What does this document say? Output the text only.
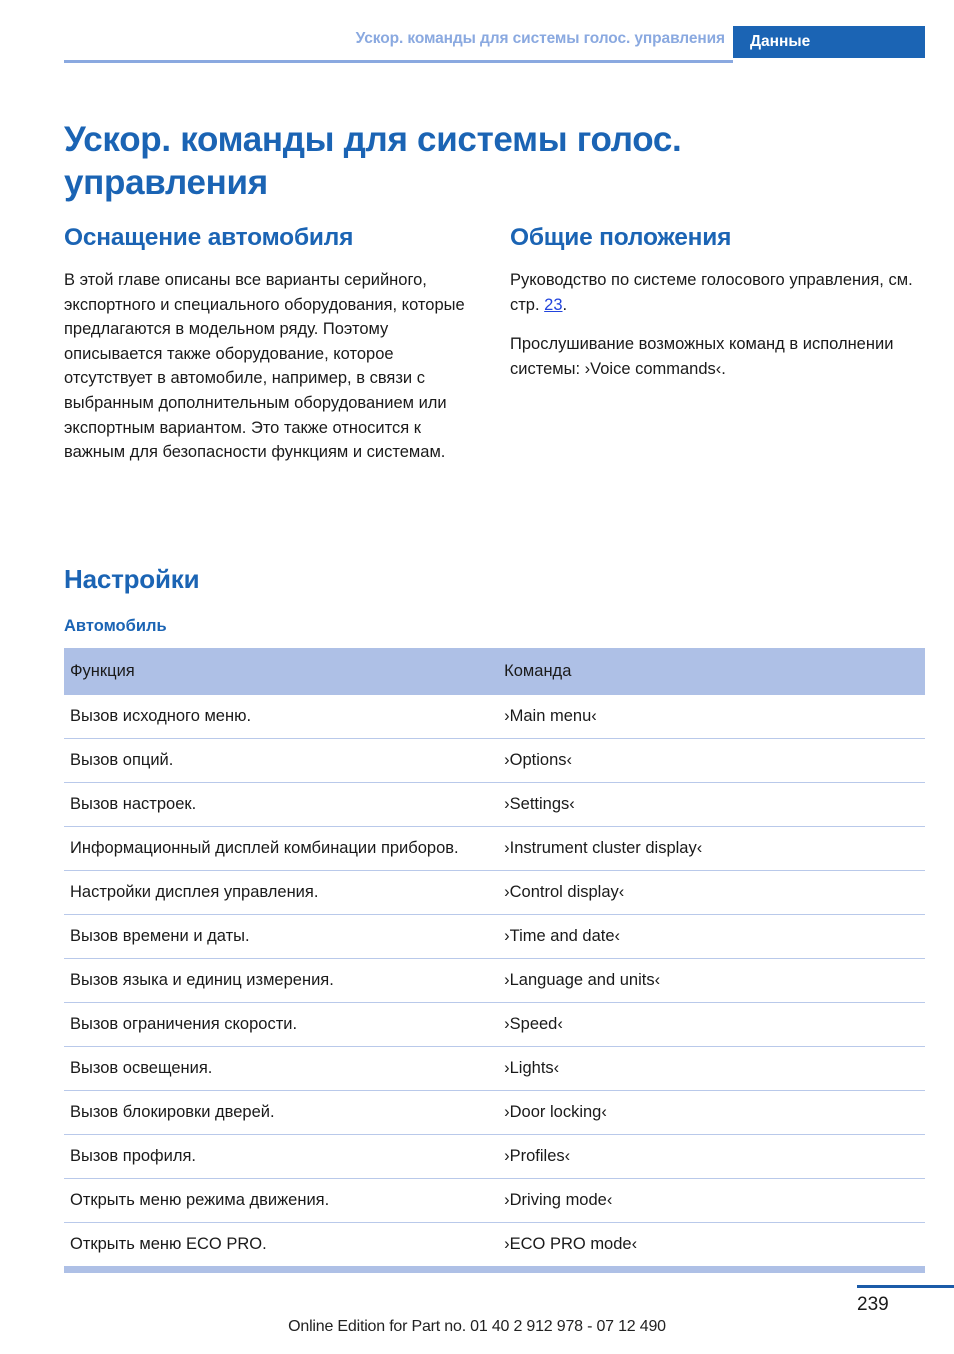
Ускор. команды для системы голос. управления Данные
Ускор. команды для системы голос. управления
Оснащение автомобиля

В этой главе описаны все варианты серийного, экспортного и специального оборудования, которые предлагаются в модельном ряду. Поэтому описывается также оборудование, которое отсутствует в автомобиле, например, в связи с выбранным дополнительным оборудованием или экспортным вариантом. Это также относится к важным для безопасности функциям и системам.

Общие положения

Руководство по системе голосового управления, см. стр. 23.

Прослушивание возможных команд в исполнении системы: ›Voice commands‹.

Настройки
Автомобиль
Функция	Команда
Вызов исходного меню.	›Main menu‹
Вызов опций.	›Options‹
Вызов настроек.	›Settings‹
Информационный дисплей комбинации приборов.	›Instrument cluster display‹
Настройки дисплея управления.	›Control display‹
Вызов времени и даты.	›Time and date‹
Вызов языка и единиц измерения.	›Language and units‹
Вызов ограничения скорости.	›Speed‹
Вызов освещения.	›Lights‹
Вызов блокировки дверей.	›Door locking‹
Вызов профиля.	›Profiles‹
Открыть меню режима движения.	›Driving mode‹
Открыть меню ECO PRO.	›ECO PRO mode‹
239
Online Edition for Part no. 01 40 2 912 978 - 07 12 490
